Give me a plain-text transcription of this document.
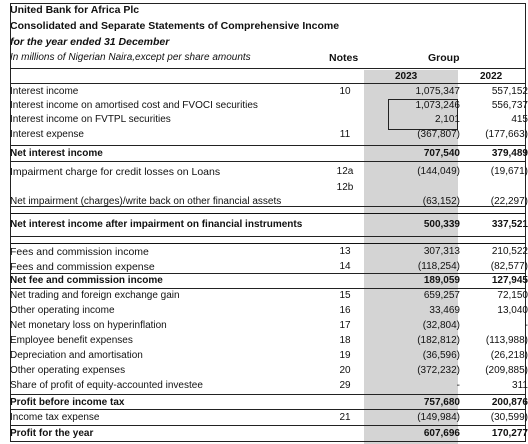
United Bank for Africa Plc
Consolidated and Separate Statements of Comprehensive Income
for the year ended 31 December
In millions of Nigerian Naira,except per share amounts	Notes	Group
2023	2022
Interest income	10	1,075,347	557,152
Interest income on amortised cost and FVOCI securities	1,073,246	556,737
Interest income on FVTPL securities	2,101	415
Interest expense	11	(367,807)	(177,663)
Net interest income	707,540	379,489
Impairment charge for credit losses on Loans	12a	(144,049)	(19,671)
12b
Net impairment (charges)/write back on other financial assets	(63,152)	(22,297)
Net interest income after impairment on financial instruments	500,339	337,521
Fees and commission income	13	307,313	210,522
Fees and commission expense	14	(118,254)	(82,577)
Net fee and commission income	189,059	127,945
Net trading and foreign exchange gain	15	659,257	72,150
Other operating income	16	33,469	13,040
Net monetary loss on hyperinflation	17	(32,804)	-
Employee benefit expenses	18	(182,812)	(113,988)
Depreciation and amortisation	19	(36,596)	(26,218)
Other operating expenses	20	(372,232)	(209,885)
Share of profit of equity-accounted investee	29	-	311
Profit before income tax	757,680	200,876
Income tax expense	21	(149,984)	(30,599)
Profit for the year	607,696	170,277
